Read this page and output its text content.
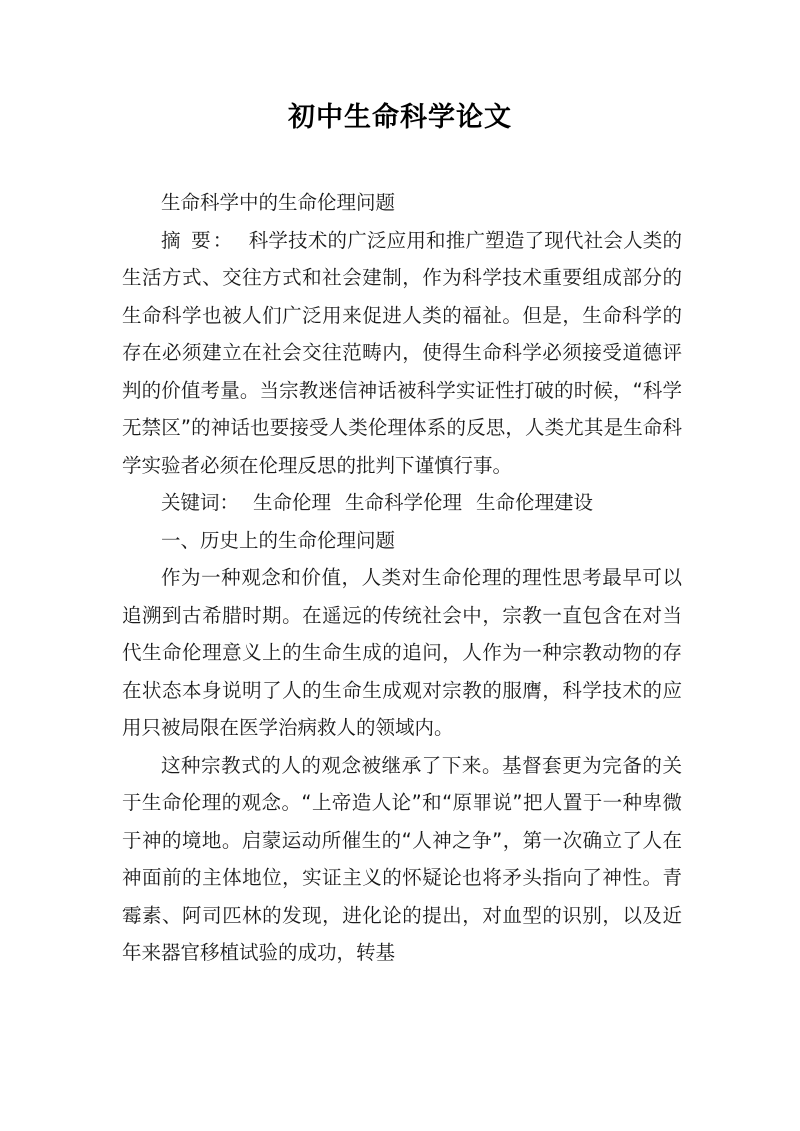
初中生命科学论文

生命科学中的生命伦理问题

摘 要： 科学技术的广泛应用和推广塑造了现代社会人类的生活方式、交往方式和社会建制，作为科学技术重要组成部分的生命科学也被人们广泛用来促进人类的福祉。但是，生命科学的存在必须建立在社会交往范畴内，使得生命科学必须接受道德评判的价值考量。当宗教迷信神话被科学实证性打破的时候，“科学无禁区”的神话也要接受人类伦理体系的反思，人类尤其是生命科学实验者必须在伦理反思的批判下谨慎行事。

关键词： 生命伦理 生命科学伦理 生命伦理建设

一、历史上的生命伦理问题

作为一种观念和价值，人类对生命伦理的理性思考最早可以追溯到古希腊时期。在遥远的传统社会中，宗教一直包含在对当代生命伦理意义上的生命生成的追问，人作为一种宗教动物的存在状态本身说明了人的生命生成观对宗教的服膺，科学技术的应用只被局限在医学治病救人的领域内。

这种宗教式的人的观念被继承了下来。基督套更为完备的关于生命伦理的观念。“上帝造人论”和“原罪说”把人置于一种卑微于神的境地。启蒙运动所催生的“人神之争”，第一次确立了人在神面前的主体地位，实证主义的怀疑论也将矛头指向了神性。青霉素、阿司匹林的发现，进化论的提出，对血型的识别，以及近年来器官移植试验的成功，转基
